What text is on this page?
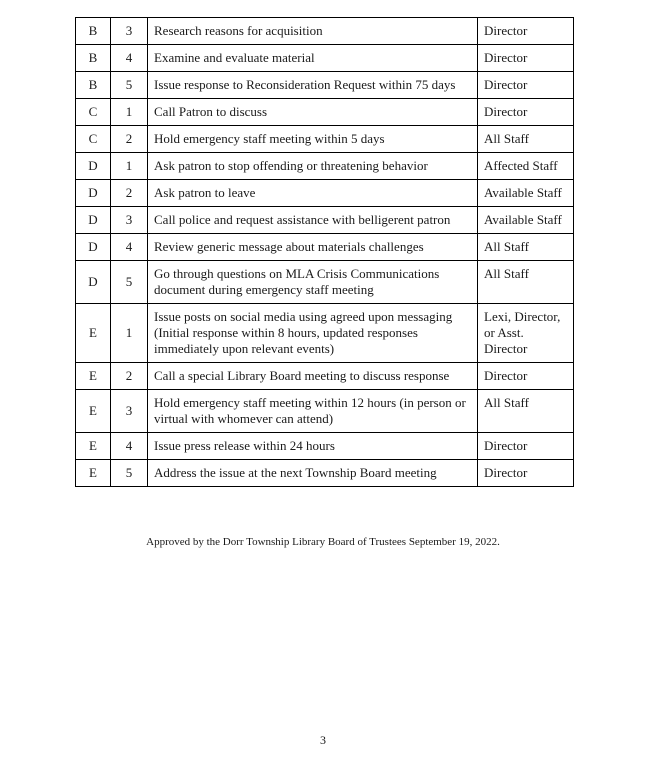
B	3	Research reasons for acquisition	Director
B	4	Examine and evaluate material	Director
B	5	Issue response to Reconsideration Request within 75 days	Director
C	1	Call Patron to discuss	Director
C	2	Hold emergency staff meeting within 5 days	All Staff
D	1	Ask patron to stop offending or threatening behavior	Affected Staff
D	2	Ask patron to leave	Available Staff
D	3	Call police and request assistance with belligerent patron	Available Staff
D	4	Review generic message about materials challenges	All Staff
D	5	Go through questions on MLA Crisis Communications document during emergency staff meeting	All Staff
E	1	Issue posts on social media using agreed upon messaging (Initial response within 8 hours, updated responses immediately upon relevant events)	Lexi, Director, or Asst. Director
E	2	Call a special Library Board meeting to discuss response	Director
E	3	Hold emergency staff meeting within 12 hours (in person or virtual with whomever can attend)	All Staff
E	4	Issue press release within 24 hours	Director
E	5	Address the issue at the next Township Board meeting	Director
Approved by the Dorr Township Library Board of Trustees September 19, 2022.
3
